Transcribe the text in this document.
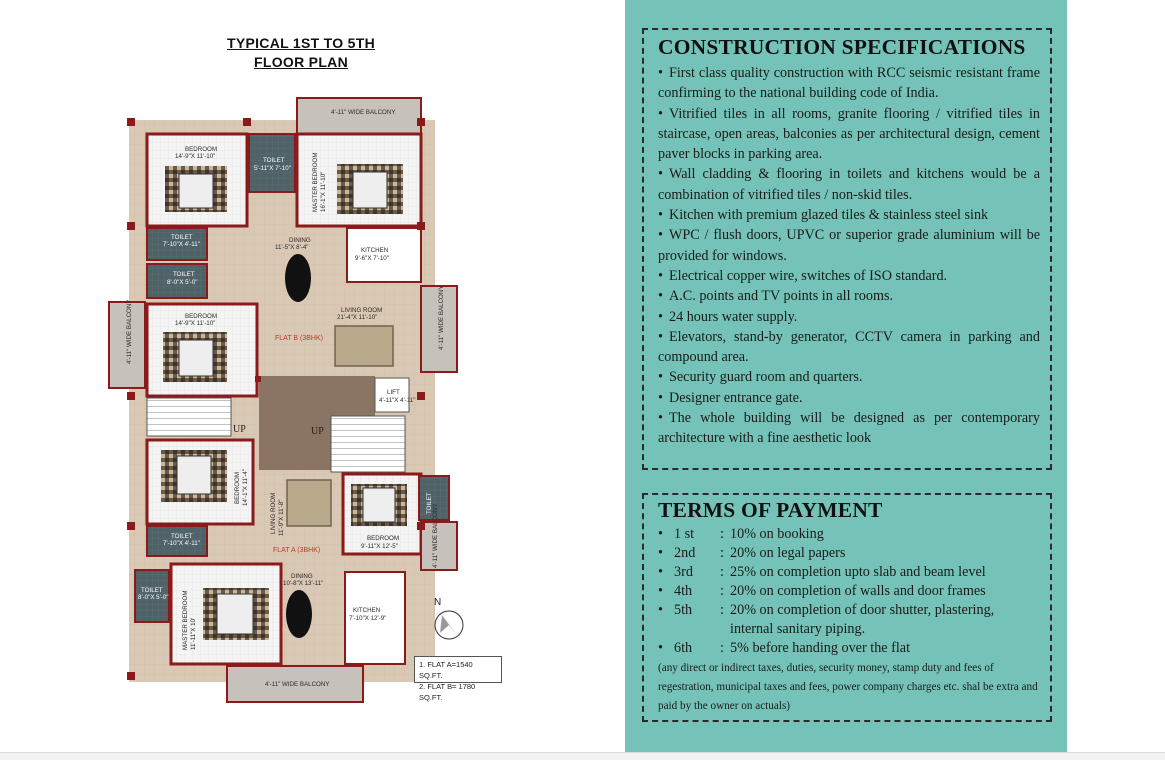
TYPICAL 1ST TO 5TH
FLOOR PLAN
4'-11" WIDE BALCONY
BEDROOM
14'-9"X 11'-10"
TOILET
5'-11"X 7'-10"	MASTER BEDROOM 16'-1"X 11'-10"
TOILET
7'-10"X 4'-11"
TOILET
8'-0"X 5'-0"
DINING
11'-5"X 8'-4"	KITCHEN
9'-6"X 7'-10"
BEDROOM
14'-9"X 11'-10"
LIVING ROOM
21'-4"X 11'-10"
FLAT B (3BHK)
4'-11" WIDE BALCONY	4'-11" WIDE BALCONY
LIFT
4'-11"X 4'-11"
UP	UP
BEDROOM 14'-1"X 11'-4"
LIVING ROOM 11'-9"X 11'-8"
FLAT A (3BHK)
TOILET
7'-10"X 4'-11"
BEDROOM
9'-11"X 12'-5"
TOILET
4'-11" WIDE BALCONY
DINING
10'-8"X 13'-11"
KITCHEN
7'-10"X 12'-9"
TOILET
8'-0"X 5'-0" MASTER BEDROOM 11'-11"X 10'
4'-11" WIDE BALCONY
N
1. FLAT A=1540 SQ.FT.
2. FLAT B= 1780 SQ.FT.
CONSTRUCTION SPECIFICATIONS
• First class quality construction with RCC seismic resistant frame confirming to the national building code of India.
• Vitrified tiles in all rooms, granite flooring / vitrified tiles in staircase, open areas, balconies as per architectural design, cement paver blocks in parking area.
• Wall cladding & flooring in toilets and kitchens would be a combination of vitrified tiles / non-skid tiles.
• Kitchen with premium glazed tiles & stainless steel sink
• WPC / flush doors, UPVC or superior grade aluminium will be provided for windows.
• Electrical copper wire, switches of ISO standard.
• A.C. points and TV points in all rooms.
• 24 hours water supply.
• Elevators, stand-by generator, CCTV camera in parking and compound area.
• Security guard room and quarters.
• Designer entrance gate.
• The whole building will be designed as per contemporary architecture with a fine aesthetic look
TERMS OF PAYMENT
• 1 st	: 10% on booking
• 2nd	: 20% on legal papers
• 3rd	: 25% on completion upto slab and beam level
• 4th	: 20% on completion of walls and door frames
• 5th	: 20% on completion of door shutter, plastering,
internal sanitary piping.
• 6th	: 5% before handing over the flat
(any direct or indirect taxes, duties, security money, stamp duty and fees of regestration, municipal taxes and fees, power company charges etc. shal be extra and paid by the owner on actuals)
